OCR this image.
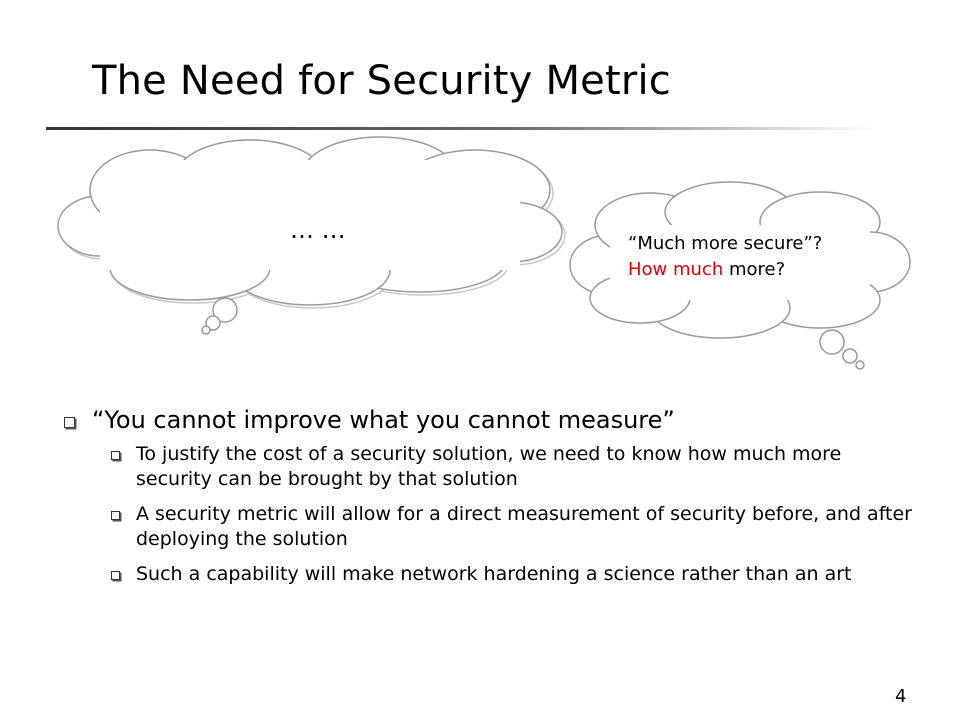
The Need for Security Metric
… …	“Much more secure”?
How much more?
“You cannot improve what you cannot measure”
To justify the cost of a security solution, we need to know how much more security can be brought by that solution
A security metric will allow for a direct measurement of security before, and after deploying the solution
Such a capability will make network hardening a science rather than an art
4
